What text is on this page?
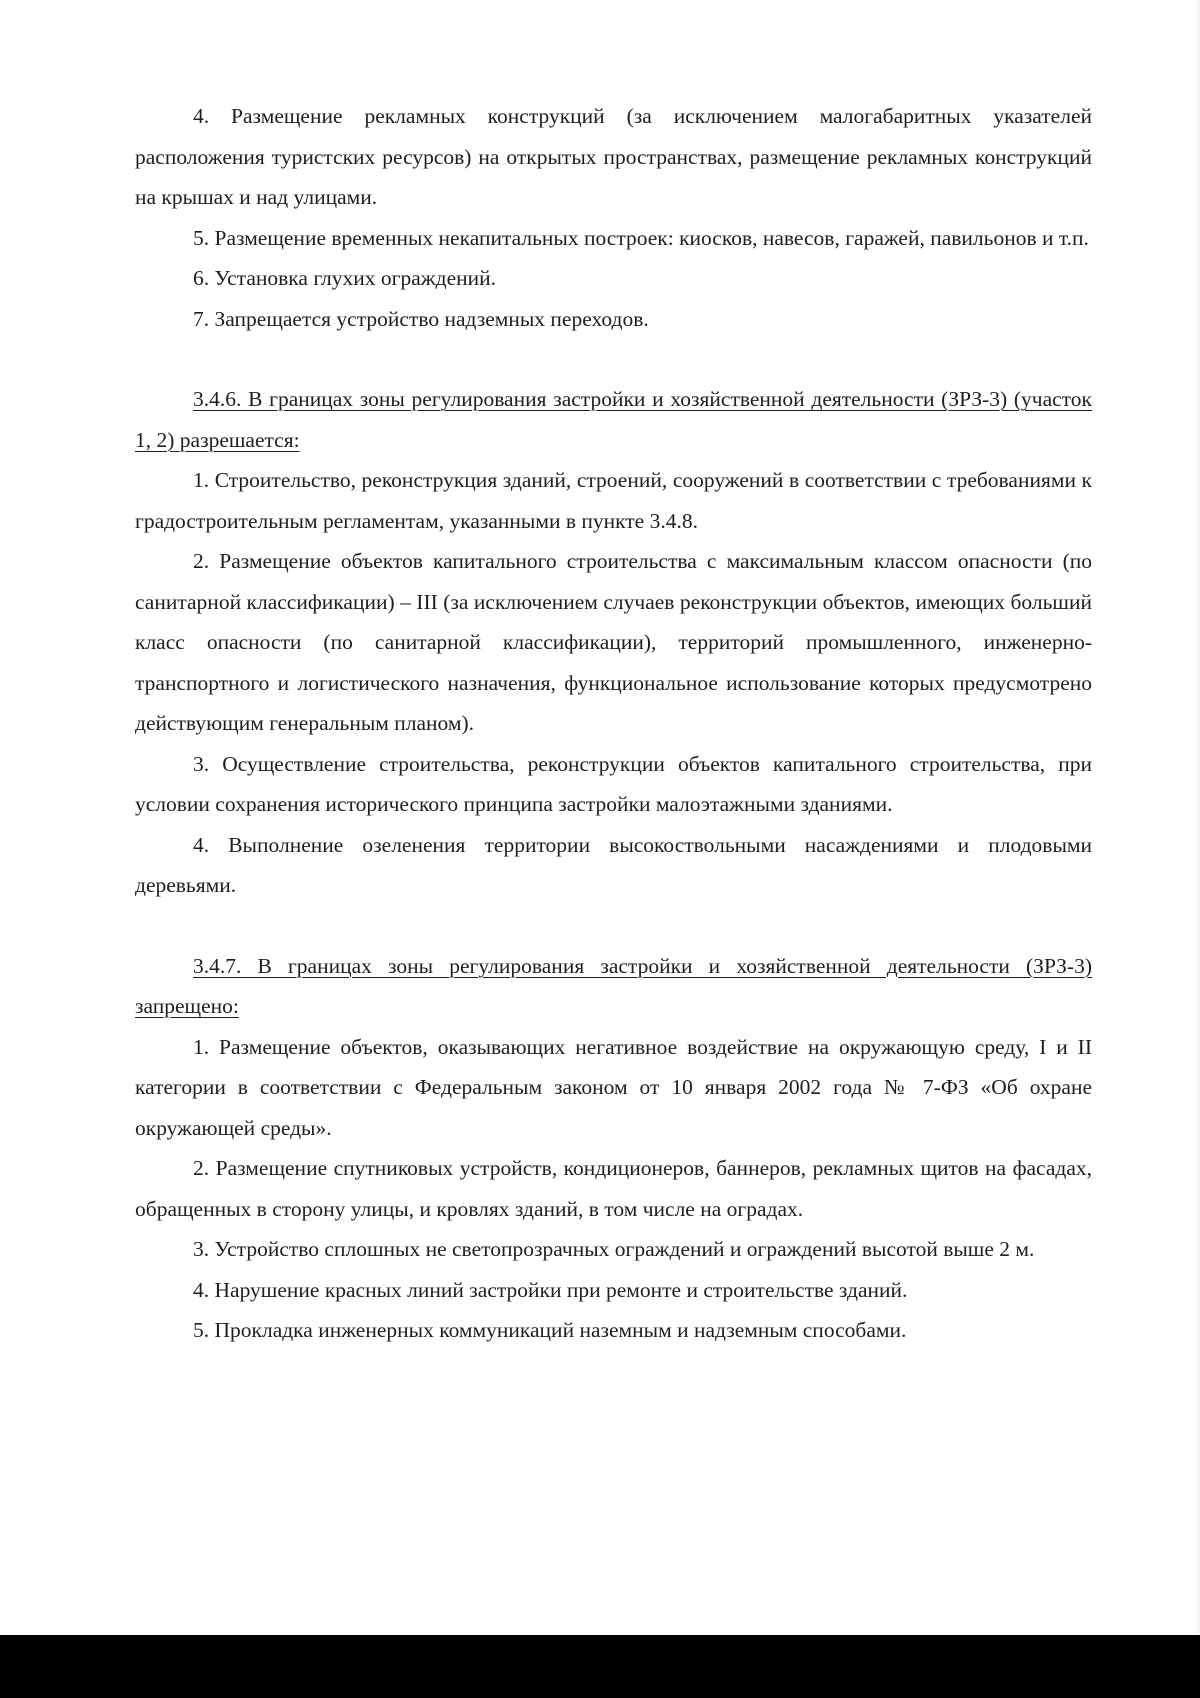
4. Размещение рекламных конструкций (за исключением малогабаритных указателей расположения туристских ресурсов) на открытых пространствах, размещение рекламных конструкций на крышах и над улицами.

5. Размещение временных некапитальных построек: киосков, навесов, гаражей, павильонов и т.п.

6. Установка глухих ограждений.

7. Запрещается устройство надземных переходов.

3.4.6. В границах зоны регулирования застройки и хозяйственной деятельности (ЗРЗ-3) (участок 1, 2) разрешается:

1. Строительство, реконструкция зданий, строений, сооружений в соответствии с требованиями к градостроительным регламентам, указанными в пункте 3.4.8.

2. Размещение объектов капитального строительства с максимальным классом опасности (по санитарной классификации) – III (за исключением случаев реконструкции объектов, имеющих больший класс опасности (по санитарной классификации), территорий промышленного, инженерно-транспортного и логистического назначения, функциональное использование которых предусмотрено действующим генеральным планом).

3. Осуществление строительства, реконструкции объектов капитального строительства, при условии сохранения исторического принципа застройки малоэтажными зданиями.

4. Выполнение озеленения территории высокоствольными насаждениями и плодовыми деревьями.

3.4.7. В границах зоны регулирования застройки и хозяйственной деятельности (ЗРЗ-3) запрещено:

1. Размещение объектов, оказывающих негативное воздействие на окружающую среду, I и II категории в соответствии с Федеральным законом от 10 января 2002 года № 7-ФЗ «Об охране окружающей среды».

2. Размещение спутниковых устройств, кондиционеров, баннеров, рекламных щитов на фасадах, обращенных в сторону улицы, и кровлях зданий, в том числе на оградах.

3. Устройство сплошных не светопрозрачных ограждений и ограждений высотой выше 2 м.

4. Нарушение красных линий застройки при ремонте и строительстве зданий.

5. Прокладка инженерных коммуникаций наземным и надземным способами.
